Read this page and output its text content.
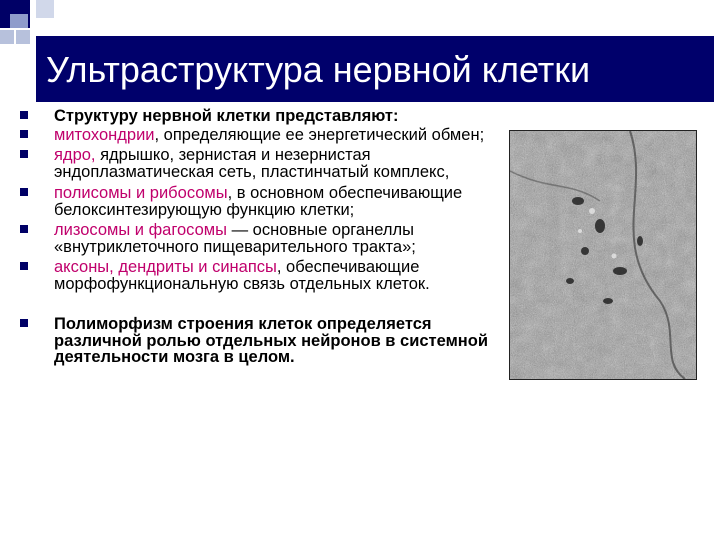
Ультраструктура нервной клетки
Структуру нервной клетки представляют:
митохондрии, определяющие ее энергетический обмен;
ядро, ядрышко, зернистая и незернистая эндоплазматическая сеть, пластинчатый комплекс,
полисомы и рибосомы, в основном обеспечивающие белоксинтезирующую функцию клетки;
лизосомы и фагосомы — основные органеллы «внутриклеточного пищеварительного тракта»;
аксоны, дендриты и синапсы, обеспечивающие морфофункциональную связь отдельных клеток.
Полиморфизм строения клеток определяется различной ролью отдельных нейронов в системной деятельности мозга в целом.
